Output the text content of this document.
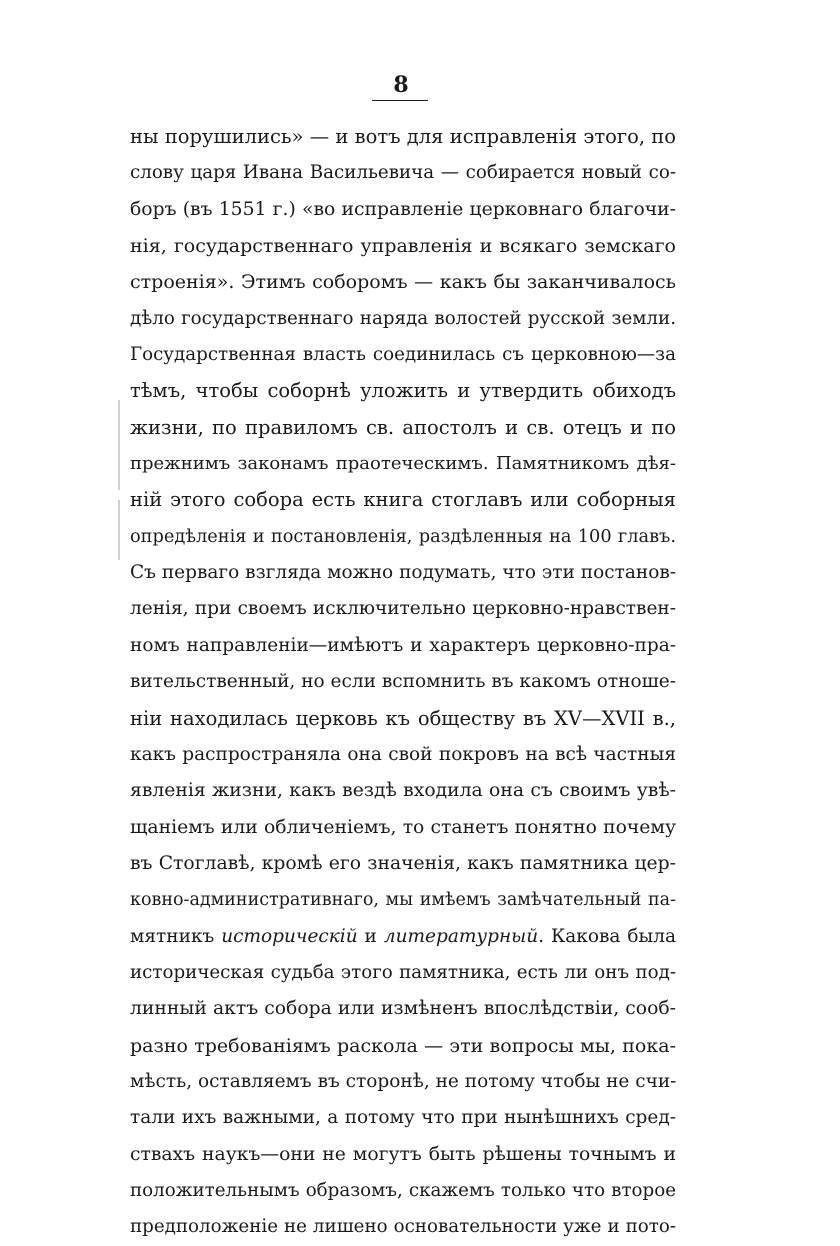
8
ны порушились» — и вотъ для исправленія этого, по
слову царя Ивана Васильевича — собирается новый со-
боръ (въ 1551 г.) «во исправленіе церковнаго благочи-
нія, государственнаго управленія и всякаго земскаго
строенія». Этимъ соборомъ — какъ бы заканчивалось
дѣло государственнаго наряда волостей русской земли.
Государственная власть соединилась съ церковною—за
тѣмъ, чтобы соборнѣ уложить и утвердить обиходъ
жизни, по правиломъ св. апостолъ и св. отецъ и по
прежнимъ законамъ праотеческимъ. Памятникомъ дѣя-
ній этого собора есть книга стоглавъ или соборныя
опредѣленія и постановленія, раздѣленныя на 100 главъ.
Съ перваго взгляда можно подумать, что эти постанов-
ленія, при своемъ исключительно церковно-нравствен-
номъ направленіи—имѣютъ и характеръ церковно-пра-
вительственный, но если вспомнить въ какомъ отноше-
ніи находилась церковь къ обществу въ XV—XVII в.,
какъ распространяла она свой покровъ на всѣ частныя
явленія жизни, какъ вездѣ входила она съ своимъ увѣ-
щаніемъ или обличеніемъ, то станетъ понятно почему
въ Стоглавѣ, кромѣ его значенія, какъ памятника цер-
ковно-административнаго, мы имѣемъ замѣчательный па-
мятникъ историческій и литературный. Какова была
историческая судьба этого памятника, есть ли онъ под-
линный актъ собора или измѣненъ впослѣдствіи, сооб-
разно требованіямъ раскола — эти вопросы мы, пока-
мѣсть, оставляемъ въ сторонѣ, не потому чтобы не счи-
тали ихъ важными, а потому что при нынѣшнихъ сред-
ствахъ наукъ—они не могутъ быть рѣшены точнымъ и
положительнымъ образомъ, скажемъ только что второе
предположеніе не лишено основательности уже и пото-
